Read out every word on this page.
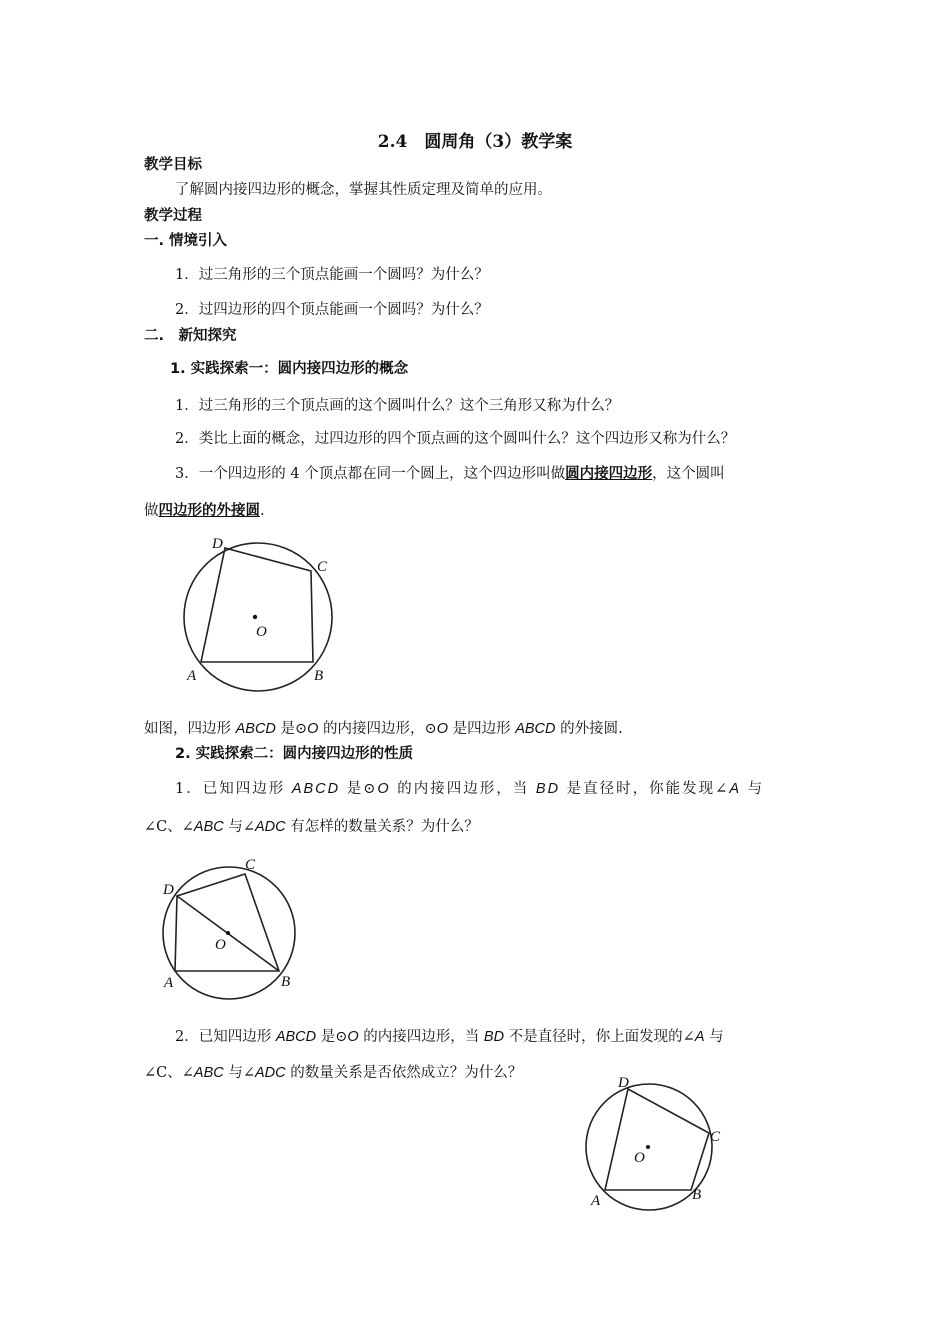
2.4　圆周角（3）教学案
教学目标
了解圆内接四边形的概念，掌握其性质定理及简单的应用。
教学过程
一. 情境引入
1．过三角形的三个顶点能画一个圆吗？为什么？
2．过四边形的四个顶点能画一个圆吗？为什么？
二.　新知探究
1. 实践探索一：圆内接四边形的概念
1．过三角形的三个顶点画的这个圆叫什么？这个三角形又称为什么？
2．类比上面的概念，过四边形的四个顶点画的这个圆叫什么？这个四边形又称为什么？
3．一个四边形的 4 个顶点都在同一个圆上，这个四边形叫做圆内接四边形，这个圆叫
做四边形的外接圆.
O
A	B
C
D
如图，四边形 ABCD 是⊙O 的内接四边形，⊙O 是四边形 ABCD 的外接圆.
2. 实践探索二：圆内接四边形的性质
1．已知四边形 ABCD 是⊙O 的内接四边形，当 BD 是直径时，你能发现∠A 与
∠C、∠ABC 与∠ADC 有怎样的数量关系？为什么？
O
A	B
C
D
2．已知四边形 ABCD 是⊙O 的内接四边形，当 BD 不是直径时，你上面发现的∠A 与
∠C、∠ABC 与∠ADC 的数量关系是否依然成立？为什么？
O
A	B
C
D
